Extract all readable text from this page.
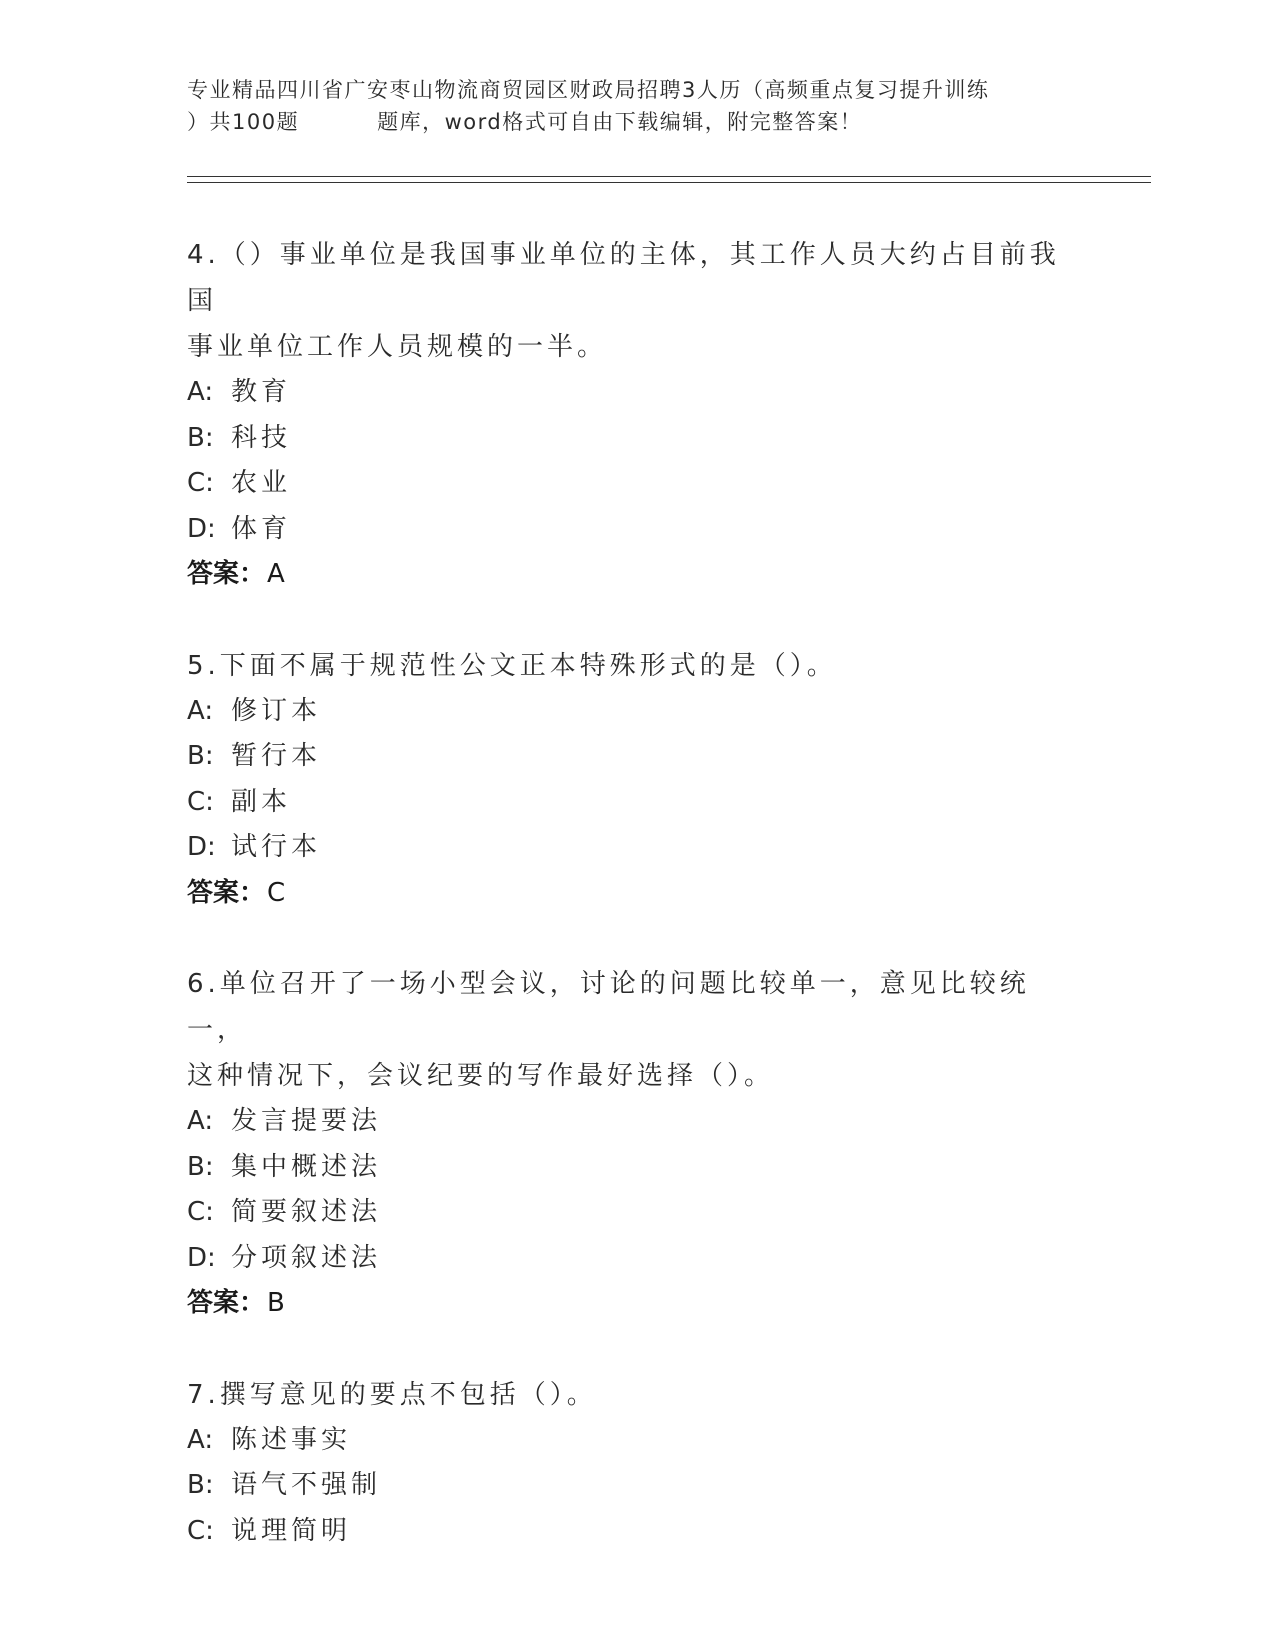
专业精品四川省广安枣山物流商贸园区财政局招聘3人历（高频重点复习提升训练
）共100题	题库，word格式可自由下载编辑，附完整答案！
4.（）事业单位是我国事业单位的主体，其工作人员大约占目前我国
事业单位工作人员规模的一半。
A: 教育
B: 科技
C: 农业
D: 体育
答案：A
5.下面不属于规范性公文正本特殊形式的是（）。
A: 修订本
B: 暂行本
C: 副本
D: 试行本
答案：C
6.单位召开了一场小型会议，讨论的问题比较单一，意见比较统一，
这种情况下，会议纪要的写作最好选择（）。
A: 发言提要法
B: 集中概述法
C: 简要叙述法
D: 分项叙述法
答案：B
7.撰写意见的要点不包括（）。
A: 陈述事实
B: 语气不强制
C: 说理简明
